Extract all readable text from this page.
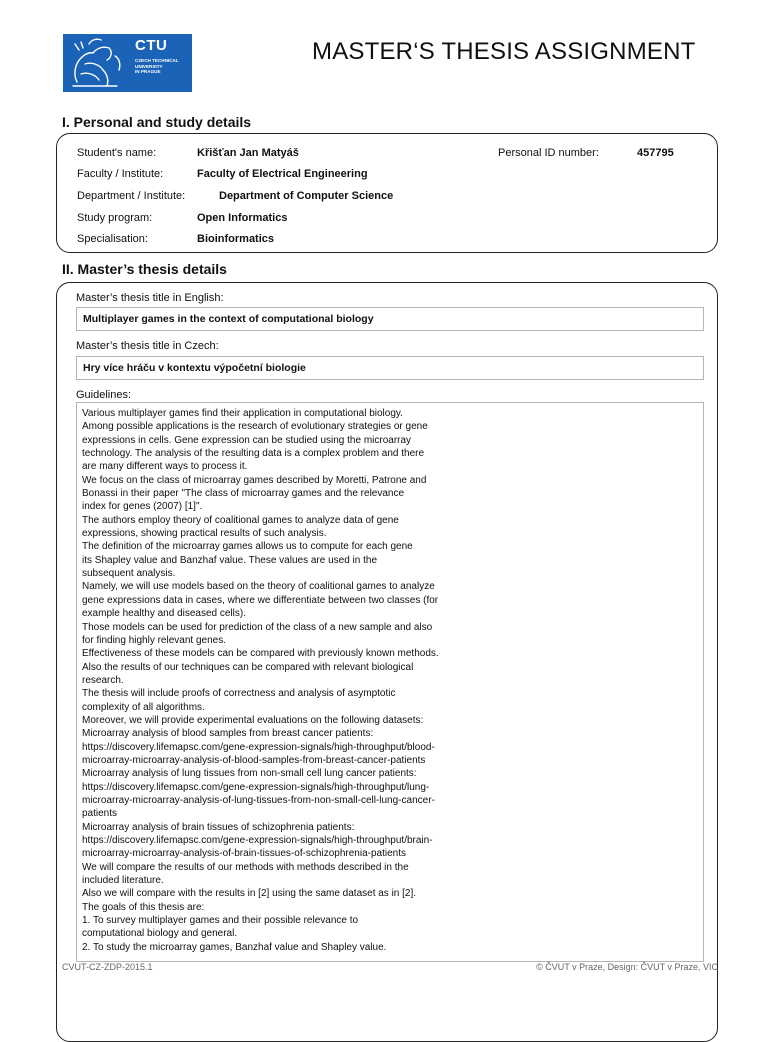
CTU
CZECH TECHNICAL
UNIVERSITY
IN PRAGUE
MASTER‘S THESIS ASSIGNMENT
I. Personal and study details
Student's name:	Křišťan Jan Matyáš	Personal ID number:	457795
Faculty / Institute:	Faculty of Electrical Engineering
Department / Institute:	Department of Computer Science
Study program:	Open Informatics
Specialisation:	Bioinformatics
II. Master’s thesis details
Master’s thesis title in English:
Multiplayer games in the context of computational biology
Master’s thesis title in Czech:
Hry více hráču v kontextu výpočetní biologie
Guidelines:
Various multiplayer games find their application in computational biology.
Among possible applications is the research of evolutionary strategies or gene
expressions in cells. Gene expression can be studied using the microarray
technology. The analysis of the resulting data is a complex problem and there
are many different ways to process it.
We focus on the class of microarray games described by Moretti, Patrone and
Bonassi in their paper "The class of microarray games and the relevance
index for genes (2007) [1]".
The authors employ theory of coalitional games to analyze data of gene
expressions, showing practical results of such analysis.
The definition of the microarray games allows us to compute for each gene
its Shapley value and Banzhaf value. These values are used in the
subsequent analysis.
Namely, we will use models based on the theory of coalitional games to analyze
gene expressions data in cases, where we differentiate between two classes (for
example healthy and diseased cells).
Those models can be used for prediction of the class of a new sample and also
for finding highly relevant genes.
Effectiveness of these models can be compared with previously known methods.
Also the results of our techniques can be compared with relevant biological
research.
The thesis will include proofs of correctness and analysis of asymptotic
complexity of all algorithms.
Moreover, we will provide experimental evaluations on the following datasets:
Microarray analysis of blood samples from breast cancer patients:
https://discovery.lifemapsc.com/gene-expression-signals/high-throughput/blood-
microarray-microarray-analysis-of-blood-samples-from-breast-cancer-patients
Microarray analysis of lung tissues from non-small cell lung cancer patients:
https://discovery.lifemapsc.com/gene-expression-signals/high-throughput/lung-
microarray-microarray-analysis-of-lung-tissues-from-non-small-cell-lung-cancer-
patients
Microarray analysis of brain tissues of schizophrenia patients:
https://discovery.lifemapsc.com/gene-expression-signals/high-throughput/brain-
microarray-microarray-analysis-of-brain-tissues-of-schizophrenia-patients
We will compare the results of our methods with methods described in the
included literature.
Also we will compare with the results in [2] using the same dataset as in [2].
The goals of this thesis are:
1. To survey multiplayer games and their possible relevance to
computational biology and general.
2. To study the microarray games, Banzhaf value and Shapley value.
CVUT-CZ-ZDP-2015.1	© ČVUT v Praze, Design: ČVUT v Praze, VIC
